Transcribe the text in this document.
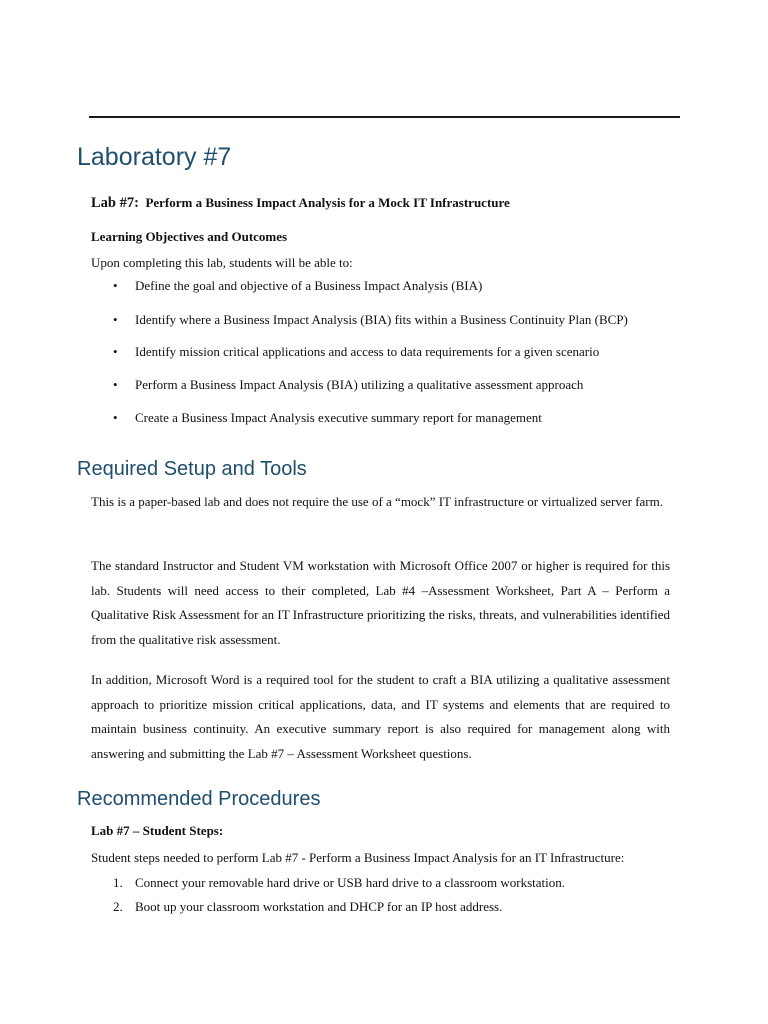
Laboratory #7
Lab #7: Perform a Business Impact Analysis for a Mock IT Infrastructure
Learning Objectives and Outcomes
Upon completing this lab, students will be able to:
• Define the goal and objective of a Business Impact Analysis (BIA)
• Identify where a Business Impact Analysis (BIA) fits within a Business Continuity Plan (BCP)
• Identify mission critical applications and access to data requirements for a given scenario
• Perform a Business Impact Analysis (BIA) utilizing a qualitative assessment approach
• Create a Business Impact Analysis executive summary report for management
Required Setup and Tools

This is a paper-based lab and does not require the use of a “mock” IT infrastructure or virtualized server farm.

The standard Instructor and Student VM workstation with Microsoft Office 2007 or higher is required for this lab. Students will need access to their completed, Lab #4 –Assessment Worksheet, Part A – Perform a Qualitative Risk Assessment for an IT Infrastructure prioritizing the risks, threats, and vulnerabilities identified from the qualitative risk assessment.

In addition, Microsoft Word is a required tool for the student to craft a BIA utilizing a qualitative assessment approach to prioritize mission critical applications, data, and IT systems and elements that are required to maintain business continuity. An executive summary report is also required for management along with answering and submitting the Lab #7 – Assessment Worksheet questions.

Recommended Procedures
Lab #7 – Student Steps:
Student steps needed to perform Lab #7 - Perform a Business Impact Analysis for an IT Infrastructure:
1. Connect your removable hard drive or USB hard drive to a classroom workstation.
2. Boot up your classroom workstation and DHCP for an IP host address.
